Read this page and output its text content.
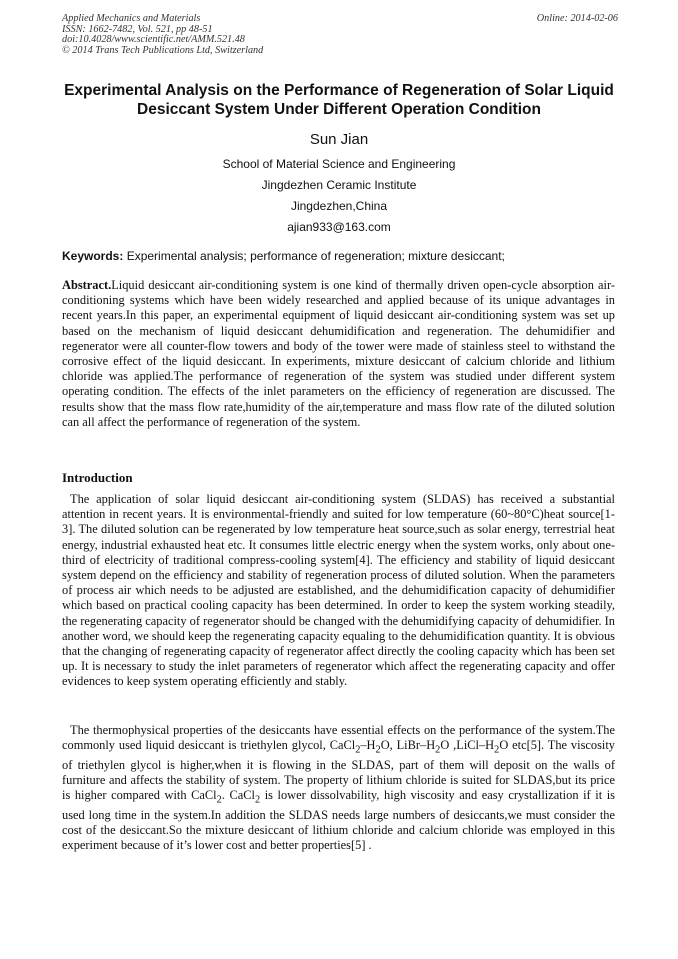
Applied Mechanics and Materials
ISSN: 1662-7482, Vol. 521, pp 48-51
doi:10.4028/www.scientific.net/AMM.521.48
© 2014 Trans Tech Publications Ltd, Switzerland
Online: 2014-02-06
Experimental Analysis on the Performance of Regeneration of Solar Liquid Desiccant System Under Different Operation Condition
Sun Jian
School of Material Science and Engineering
Jingdezhen Ceramic Institute
Jingdezhen,China
ajian933@163.com
Keywords: Experimental analysis; performance of regeneration; mixture desiccant;

Abstract.Liquid desiccant air-conditioning system is one kind of thermally driven open-cycle absorption air-conditioning systems which have been widely researched and applied because of its unique advantages in recent years.In this paper, an experimental equipment of liquid desiccant air-conditioning system was set up based on the mechanism of liquid desiccant dehumidification and regeneration. The dehumidifier and regenerator were all counter-flow towers and body of the tower were made of stainless steel to withstand the corrosive effect of the liquid desiccant. In experiments, mixture desiccant of calcium chloride and lithium chloride was applied.The performance of regeneration of the system was studied under different system operating condition. The effects of the inlet parameters on the efficiency of regeneration are discussed. The results show that the mass flow rate,humidity of the air,temperature and mass flow rate of the diluted solution can all affect the performance of regeneration of the system.

Introduction

The application of solar liquid desiccant air-conditioning system (SLDAS) has received a substantial attention in recent years. It is environmental-friendly and suited for low temperature (60~80°C)heat source[1-3]. The diluted solution can be regenerated by low temperature heat source,such as solar energy, terrestrial heat energy, industrial exhausted heat etc. It consumes little electric energy when the system works, only about one-third of electricity of traditional compress-cooling system[4]. The efficiency and stability of liquid desiccant system depend on the efficiency and stability of regeneration process of diluted solution. When the parameters of process air which needs to be adjusted are established, and the dehumidification capacity of dehumidifier which based on practical cooling capacity has been determined. In order to keep the system working steadily, the regenerating capacity of regenerator should be changed with the dehumidifying capacity of dehumidifier. In another word, we should keep the regenerating capacity equaling to the dehumidification quantity. It is obvious that the changing of regenerating capacity of regenerator affect directly the cooling capacity which has been set up. It is necessary to study the inlet parameters of regenerator which affect the regenerating capacity and offer evidences to keep system operating efficiently and stably.

The thermophysical properties of the desiccants have essential effects on the performance of the system.The commonly used liquid desiccant is triethylen glycol, $CaCl_2-H_2O$, LiBr–$H_2O$ $,LiCl-H_2O$ etc[5]. The viscosity of triethylen glycol is higher,when it is flowing in the SLDAS, part of them will deposit on the walls of furniture and affects the stability of system. The property of lithium chloride is suited for SLDAS,but its price is higher compared with CaCl$_2$. CaCl$_2$ is lower dissolvability, high viscosity and easy crystallization if it is used long time in the system.In addition the SLDAS needs large numbers of desiccants,we must consider the cost of the desiccant.So the mixture desiccant of lithium chloride and calcium chloride was employed in this experiment because of it’s lower cost and better properties[5] .
